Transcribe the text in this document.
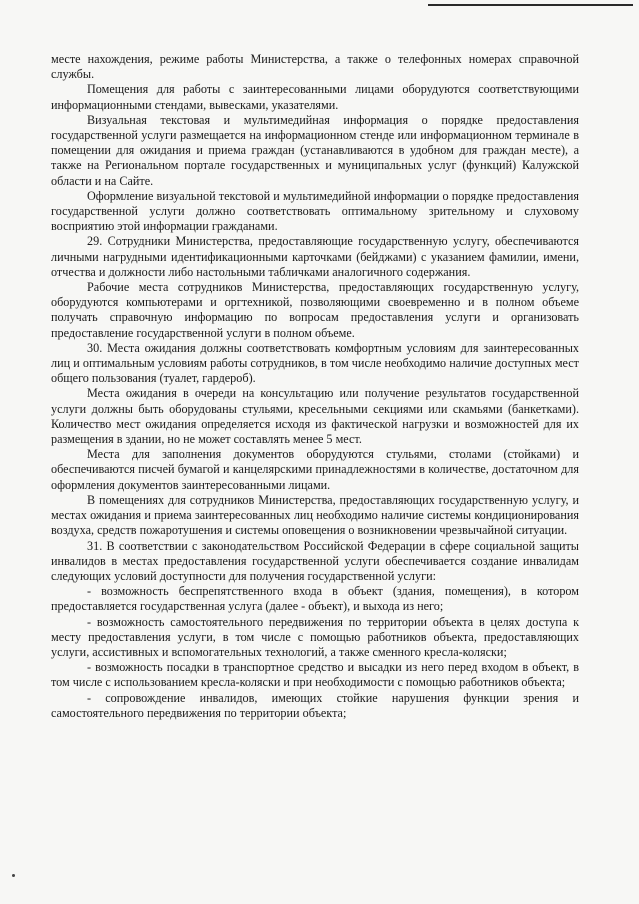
месте нахождения, режиме работы Министерства, а также о телефонных номерах справочной службы.

Помещения для работы с заинтересованными лицами оборудуются соответствующими информационными стендами, вывесками, указателями.

Визуальная текстовая и мультимедийная информация о порядке предоставления государственной услуги размещается на информационном стенде или информационном терминале в помещении для ожидания и приема граждан (устанавливаются в удобном для граждан месте), а также на Региональном портале государственных и муниципальных услуг (функций) Калужской области и на Сайте.

Оформление визуальной текстовой и мультимедийной информации о порядке предоставления государственной услуги должно соответствовать оптимальному зрительному и слуховому восприятию этой информации гражданами.

29. Сотрудники Министерства, предоставляющие государственную услугу, обеспечиваются личными нагрудными идентификационными карточками (бейджами) с указанием фамилии, имени, отчества и должности либо настольными табличками аналогичного содержания.

Рабочие места сотрудников Министерства, предоставляющих государственную услугу, оборудуются компьютерами и оргтехникой, позволяющими своевременно и в полном объеме получать справочную информацию по вопросам предоставления услуги и организовать предоставление государственной услуги в полном объеме.

30. Места ожидания должны соответствовать комфортным условиям для заинтересованных лиц и оптимальным условиям работы сотрудников, в том числе необходимо наличие доступных мест общего пользования (туалет, гардероб).

Места ожидания в очереди на консультацию или получение результатов государственной услуги должны быть оборудованы стульями, кресельными секциями или скамьями (банкетками). Количество мест ожидания определяется исходя из фактической нагрузки и возможностей для их размещения в здании, но не может составлять менее 5 мест.

Места для заполнения документов оборудуются стульями, столами (стойками) и обеспечиваются писчей бумагой и канцелярскими принадлежностями в количестве, достаточном для оформления документов заинтересованными лицами.

В помещениях для сотрудников Министерства, предоставляющих государственную услугу, и местах ожидания и приема заинтересованных лиц необходимо наличие системы кондиционирования воздуха, средств пожаротушения и системы оповещения о возникновении чрезвычайной ситуации.

31. В соответствии с законодательством Российской Федерации в сфере социальной защиты инвалидов в местах предоставления государственной услуги обеспечивается создание инвалидам следующих условий доступности для получения государственной услуги:

- возможность беспрепятственного входа в объект (здания, помещения), в котором предоставляется государственная услуга (далее - объект), и выхода из него;

- возможность самостоятельного передвижения по территории объекта в целях доступа к месту предоставления услуги, в том числе с помощью работников объекта, предоставляющих услуги, ассистивных и вспомогательных технологий, а также сменного кресла-коляски;

- возможность посадки в транспортное средство и высадки из него перед входом в объект, в том числе с использованием кресла-коляски и при необходимости с помощью работников объекта;

- сопровождение инвалидов, имеющих стойкие нарушения функции зрения и самостоятельного передвижения по территории объекта;
